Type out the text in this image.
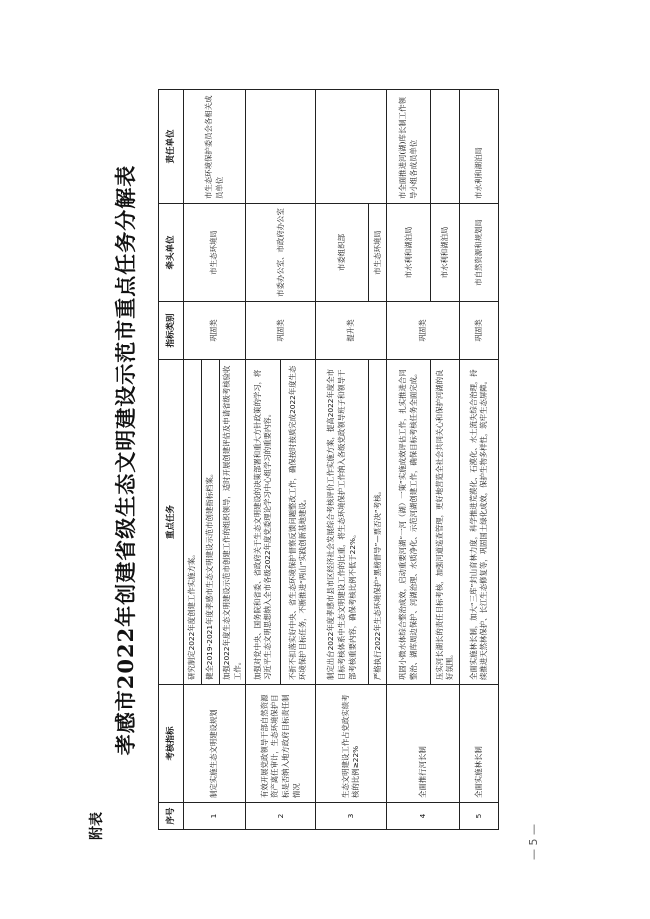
附表	— 5 —
孝感市2022年创建省级生态文明建设示范市重点任务分解表
序号	考核指标	重点任务	指标类别	牵头单位	责任单位
1	制定实施生态文明建设规划	研究制定2022年度创建工作实施方案。	巩固类	市生态环境局	市生态环境保护委员会各相关成员单位
		健全2019-2021年度孝感市生态文明建设示范市创建指标档案。			
		加强2022年度生态文明建设示范市创建工作的组织领导，适时开展创建评估及申请省级考核验收工作。			
2	有效开展党政领导干部自然资源资产离任审计，生态环境保护目标是否纳入地方政府目标责任制情况	加强对党中央、国务院和省委、省政府关于生态文明建设的决策部署和重大方针政策的学习，将习近平生态文明思想纳入全市各级2022年度党委理论学习中心组学习的重要内容。	巩固类	市委办公室、市政府办公室	
		不折不扣落实好中央、省生态环境保护督察反馈问题整改工作，确保按时按质完成2022年度生态环境保护目标任务，不断推进“两山”实践创新基地建设。			
3	生态文明建设工作占党政实绩考核的比例≥22%	制定出台2022年度孝感市县市区经济社会发展综合考核评价工作实施方案，提高2022年度全市目标考核体系中生态文明建设工作的比重，将生态环境保护工作纳入各级党政领导班子和领导干部考核重要内容，确保考核比例不低于22%。	提升类	市委组织部	
		严格执行2022年生态环境保护“黑榜督导”—票否决”考核。		市生态环境局	
4	全面推行河长制	巩固小微水体综合整治成效，启动重要河湖“一河（湖）一策”实施成效评估工作，扎实推进合同整治、湖库周边保护、河湖治理、水质净化、示范河湖创建工作，确保目标考核任务全面完成。	巩固类	市水利和湖泊局	市全面推进河(湖)库长制工作领导小组各成员单位
		压实河长湖长的责任目标考核，加强河道巡查管理，更好地营造全社会共同关心和保护河湖的良好氛围。		市水利和湖泊局	
5	全面实施林长制	全面实施林长制，加大“三库”封山育林力度，科学推进荒漠化、石漠化、水土流失综合治理，持续推进天然林保护、长江生态修复等，巩固国土绿化成效，保护生物多样性，筑牢生态屏障。	巩固类	市自然资源和规划局	市水利和湖泊局
